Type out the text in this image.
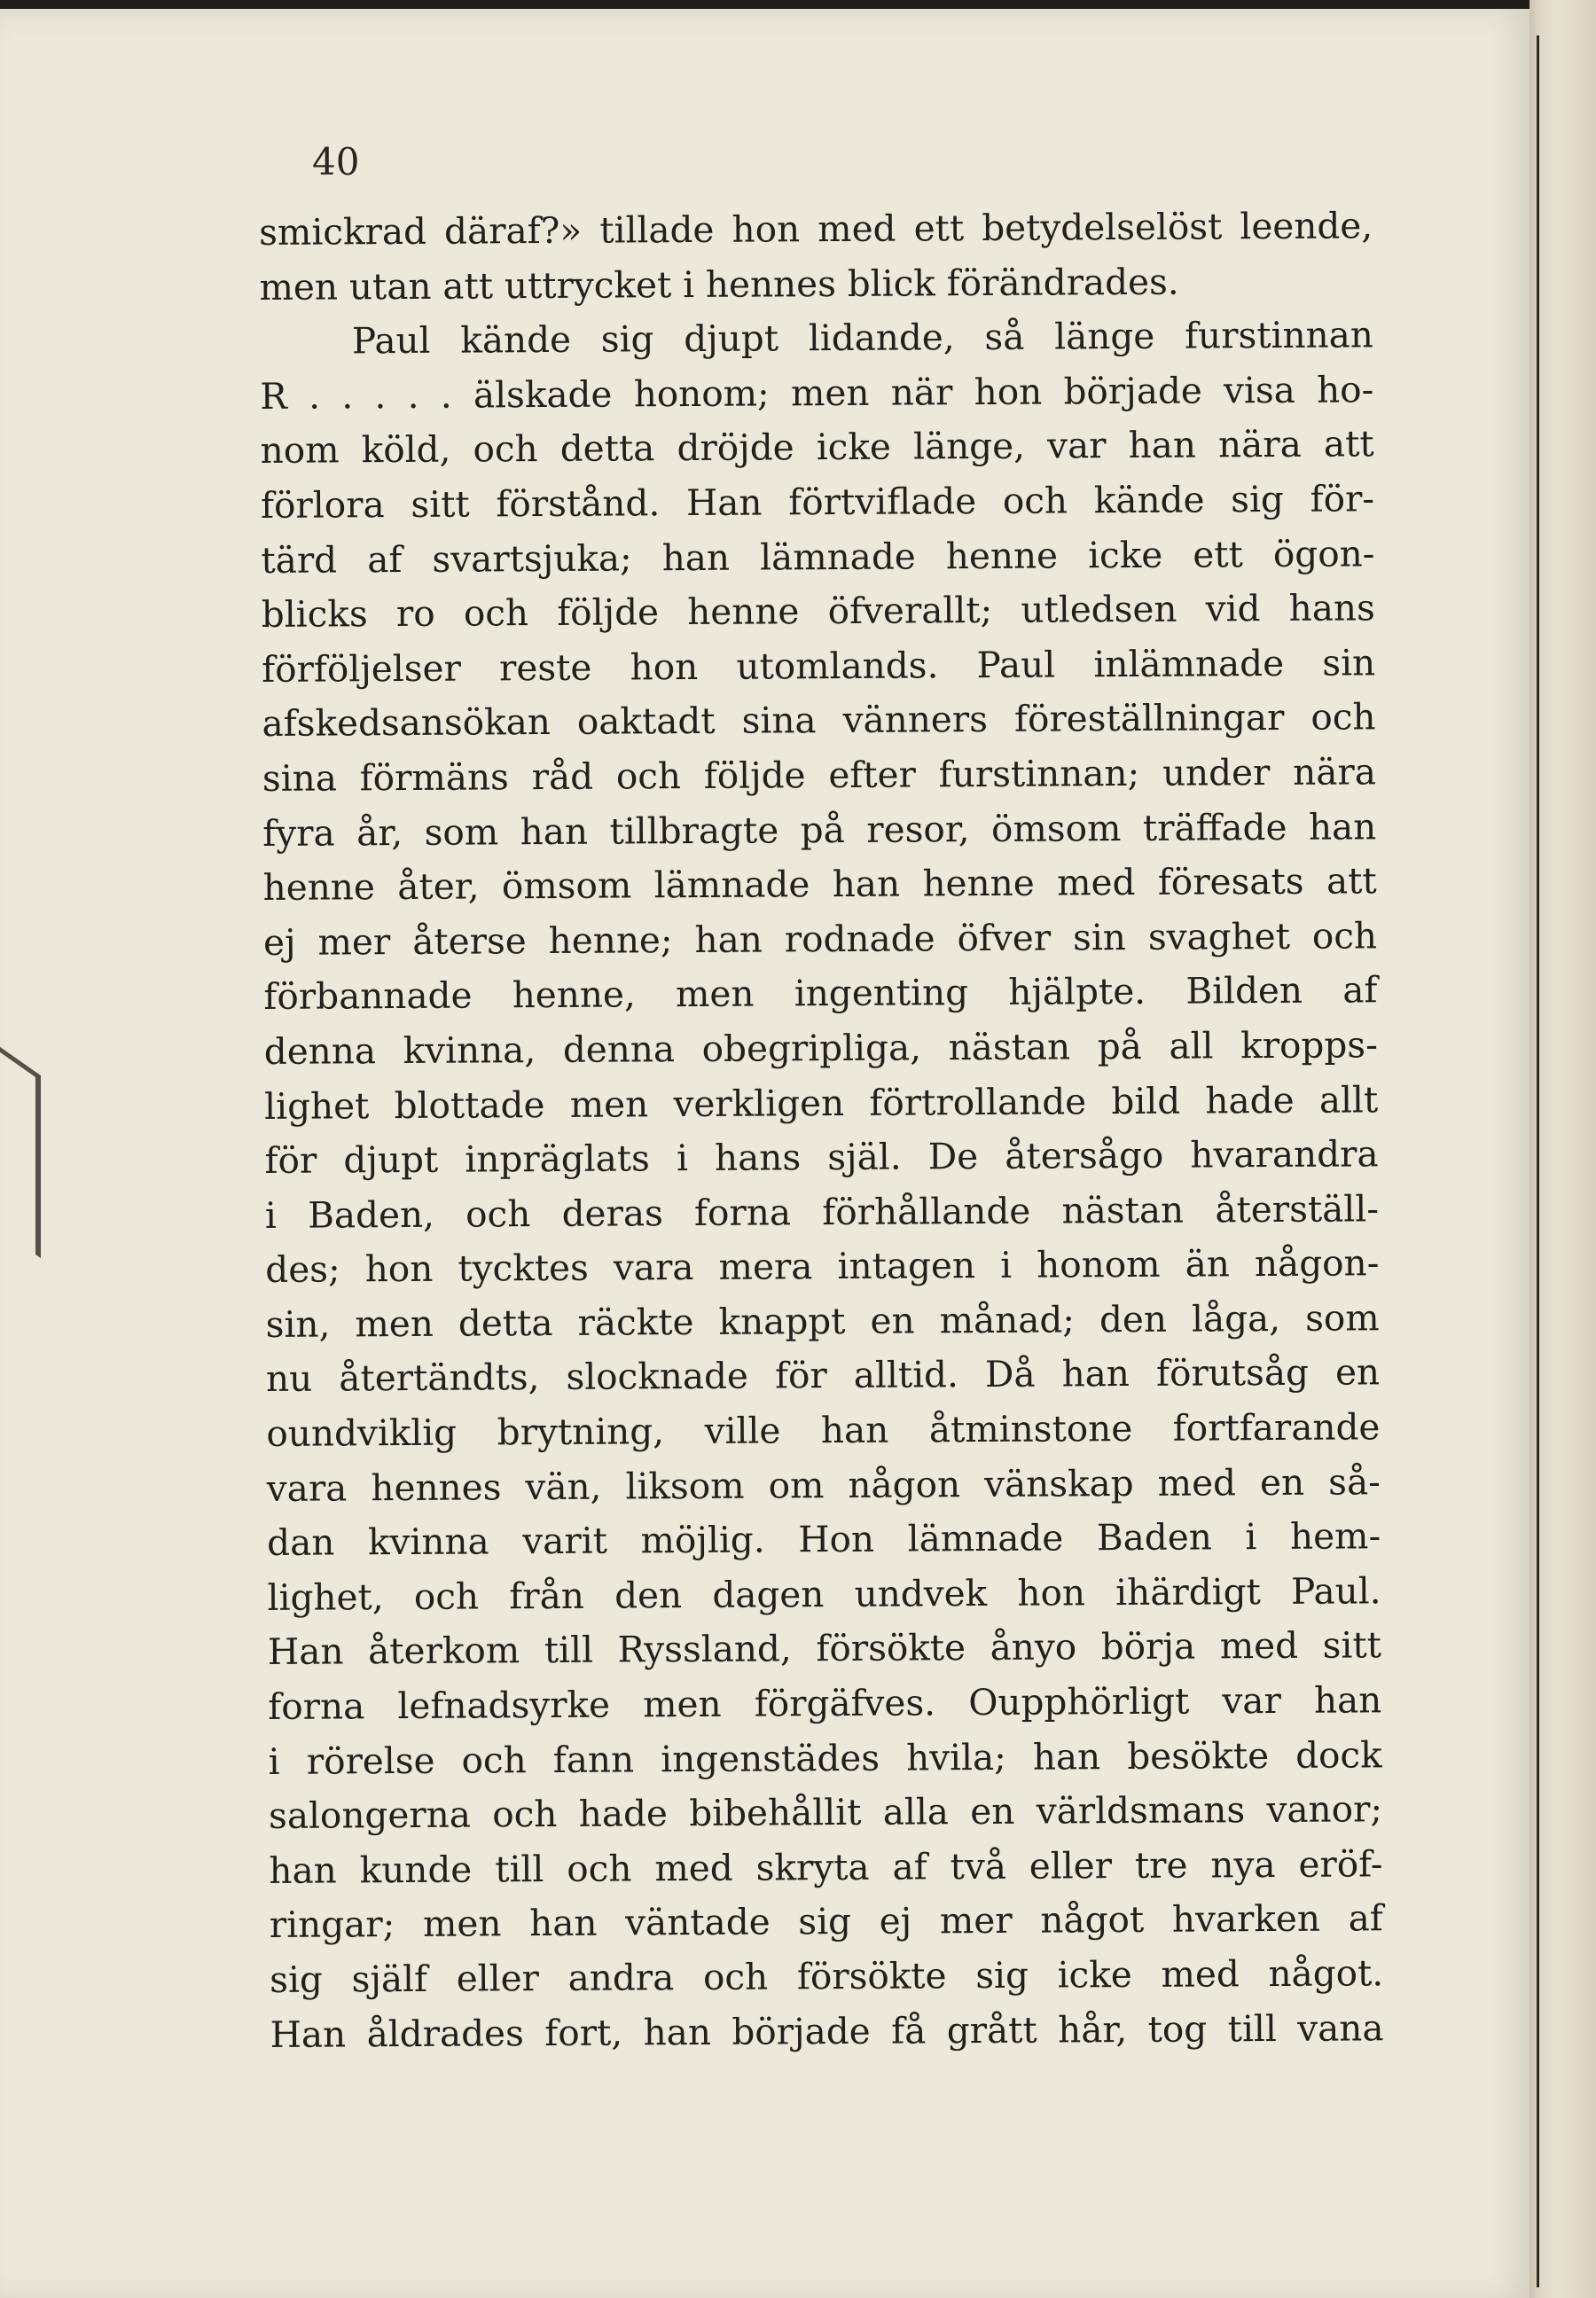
40
smickrad däraf?» tillade hon med ett betydelselöst leende,
men utan att uttrycket i hennes blick förändrades.
Paul kände sig djupt lidande, så länge furstinnan
R . . . . . älskade honom; men när hon började visa ho-
nom köld, och detta dröjde icke länge, var han nära att
förlora sitt förstånd. Han förtviflade och kände sig för-
tärd af svartsjuka; han lämnade henne icke ett ögon-
blicks ro och följde henne öfverallt; utledsen vid hans
förföljelser reste hon utomlands. Paul inlämnade sin
afskedsansökan oaktadt sina vänners föreställningar och
sina förmäns råd och följde efter furstinnan; under nära
fyra år, som han tillbragte på resor, ömsom träffade han
henne åter, ömsom lämnade han henne med föresats att
ej mer återse henne; han rodnade öfver sin svaghet och
förbannade henne, men ingenting hjälpte. Bilden af
denna kvinna, denna obegripliga, nästan på all kropps-
lighet blottade men verkligen förtrollande bild hade allt
för djupt inpräglats i hans själ. De återsågo hvarandra
i Baden, och deras forna förhållande nästan återställ-
des; hon tycktes vara mera intagen i honom än någon-
sin, men detta räckte knappt en månad; den låga, som
nu återtändts, slocknade för alltid. Då han förutsåg en
oundviklig brytning, ville han åtminstone fortfarande
vara hennes vän, liksom om någon vänskap med en så-
dan kvinna varit möjlig. Hon lämnade Baden i hem-
lighet, och från den dagen undvek hon ihärdigt Paul.
Han återkom till Ryssland, försökte ånyo börja med sitt
forna lefnadsyrke men förgäfves. Oupphörligt var han
i rörelse och fann ingenstädes hvila; han besökte dock
salongerna och hade bibehållit alla en världsmans vanor;
han kunde till och med skryta af två eller tre nya eröf-
ringar; men han väntade sig ej mer något hvarken af
sig själf eller andra och försökte sig icke med något.
Han åldrades fort, han började få grått hår, tog till vana
